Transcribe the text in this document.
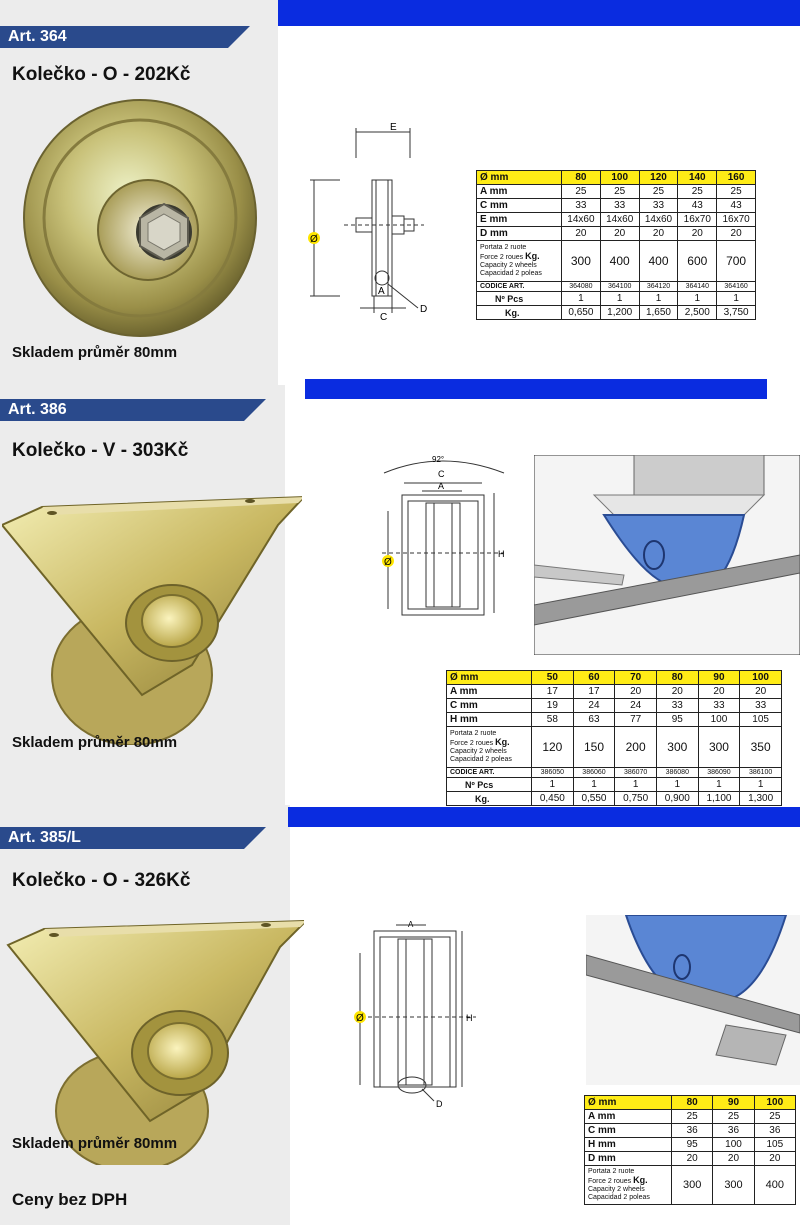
Art. 364
Kolečko - O - 202Kč
Skladem průměr 80mm
E
Ø
A
C
D
Ø mm	80	100	120	140	160
A mm	25	25	25	25	25
C mm	33	33	33	43	43
E mm	14x60	14x60	14x60	16x70	16x70
D mm	20	20	20	20	20
Portata 2 ruote
Force 2 roues Kg.
Capacity 2 wheels
Capacidad 2 poleas	300	400	400	600	700
CODICE ART.	364080	364100	364120	364140	364160
Nº Pcs	1	1	1	1	1
Kg.	0,650	1,200	1,650	2,500	3,750
Art. 386
Kolečko - V - 303Kč
Skladem průměr 80mm
92°
C
A
Ø
H
Ø mm	50	60	70	80	90	100
A mm	17	17	20	20	20	20
C mm	19	24	24	33	33	33
H mm	58	63	77	95	100	105
Portata 2 ruote
Force 2 roues Kg.
Capacity 2 wheels
Capacidad 2 poleas	120	150	200	300	300	350
CODICE ART.	386050	386060	386070	386080	386090	386100
Nº Pcs	1	1	1	1	1	1
Kg.	0,450	0,550	0,750	0,900	1,100	1,300
Art. 385/L
Kolečko - O - 326Kč
Skladem průměr 80mm
A
Ø	H
D	Ø mm	80	90	100
A mm	25	25	25
C mm	36	36	36
H mm	95	100	105
D mm	20	20	20
Portata 2 ruote
Force 2 roues Kg.
Capacity 2 wheels
Capacidad 2 poleas	300	300	400
Ceny bez DPH
